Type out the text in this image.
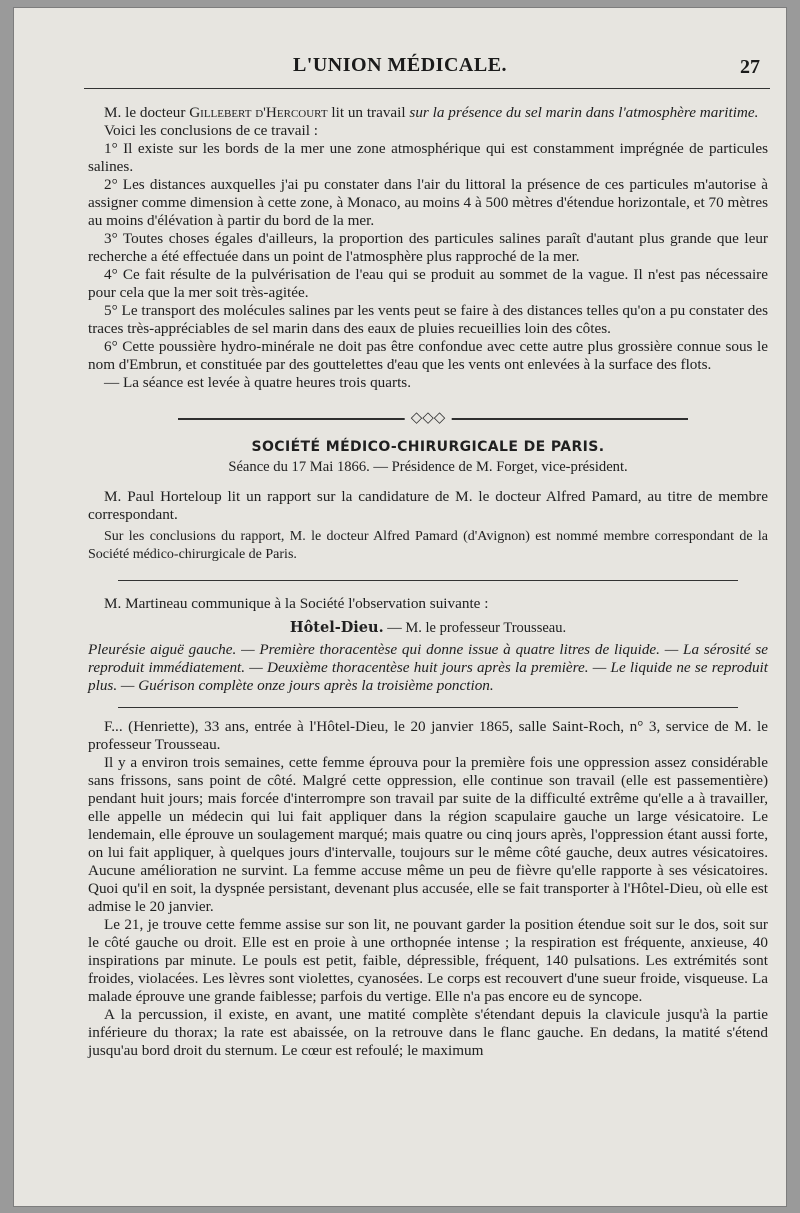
L'UNION MÉDICALE.	27

M. le docteur Gillebert d'Hercourt lit un travail sur la présence du sel marin dans l'atmosphère maritime.

Voici les conclusions de ce travail :

1° Il existe sur les bords de la mer une zone atmosphérique qui est constamment imprégnée de particules salines.

2° Les distances auxquelles j'ai pu constater dans l'air du littoral la présence de ces particules m'autorise à assigner comme dimension à cette zone, à Monaco, au moins 4 à 500 mètres d'étendue horizontale, et 70 mètres au moins d'élévation à partir du bord de la mer.

3° Toutes choses égales d'ailleurs, la proportion des particules salines paraît d'autant plus grande que leur recherche a été effectuée dans un point de l'atmosphère plus rapproché de la mer.

4° Ce fait résulte de la pulvérisation de l'eau qui se produit au sommet de la vague. Il n'est pas nécessaire pour cela que la mer soit très-agitée.

5° Le transport des molécules salines par les vents peut se faire à des distances telles qu'on a pu constater des traces très-appréciables de sel marin dans des eaux de pluies recueillies loin des côtes.

6° Cette poussière hydro-minérale ne doit pas être confondue avec cette autre plus grossière connue sous le nom d'Embrun, et constituée par des gouttelettes d'eau que les vents ont enlevées à la surface des flots.

— La séance est levée à quatre heures trois quarts.

◇◇◇
SOCIÉTÉ MÉDICO-CHIRURGICALE DE PARIS.
Séance du 17 Mai 1866. — Présidence de M. Forget, vice-président.

M. Paul Horteloup lit un rapport sur la candidature de M. le docteur Alfred Pamard, au titre de membre correspondant.

Sur les conclusions du rapport, M. le docteur Alfred Pamard (d'Avignon) est nommé membre correspondant de la Société médico-chirurgicale de Paris.

M. Martineau communique à la Société l'observation suivante :

Hôtel-Dieu. — M. le professeur Trousseau.

Pleurésie aiguë gauche. — Première thoracentèse qui donne issue à quatre litres de liquide. — La sérosité se reproduit immédiatement. — Deuxième thoracentèse huit jours après la première. — Le liquide ne se reproduit plus. — Guérison complète onze jours après la troisième ponction.

F... (Henriette), 33 ans, entrée à l'Hôtel-Dieu, le 20 janvier 1865, salle Saint-Roch, n° 3, service de M. le professeur Trousseau.

Il y a environ trois semaines, cette femme éprouva pour la première fois une oppression assez considérable sans frissons, sans point de côté. Malgré cette oppression, elle continue son travail (elle est passementière) pendant huit jours; mais forcée d'interrompre son travail par suite de la difficulté extrême qu'elle a à travailler, elle appelle un médecin qui lui fait appliquer dans la région scapulaire gauche un large vésicatoire. Le lendemain, elle éprouve un soulagement marqué; mais quatre ou cinq jours après, l'oppression étant aussi forte, on lui fait appliquer, à quelques jours d'intervalle, toujours sur le même côté gauche, deux autres vésicatoires. Aucune amélioration ne survint. La femme accuse même un peu de fièvre qu'elle rapporte à ses vésicatoires. Quoi qu'il en soit, la dyspnée persistant, devenant plus accusée, elle se fait transporter à l'Hôtel-Dieu, où elle est admise le 20 janvier.

Le 21, je trouve cette femme assise sur son lit, ne pouvant garder la position étendue soit sur le dos, soit sur le côté gauche ou droit. Elle est en proie à une orthopnée intense ; la respiration est fréquente, anxieuse, 40 inspirations par minute. Le pouls est petit, faible, dépressible, fréquent, 140 pulsations. Les extrémités sont froides, violacées. Les lèvres sont violettes, cyanosées. Le corps est recouvert d'une sueur froide, visqueuse. La malade éprouve une grande faiblesse; parfois du vertige. Elle n'a pas encore eu de syncope.

A la percussion, il existe, en avant, une matité complète s'étendant depuis la clavicule jusqu'à la partie inférieure du thorax; la rate est abaissée, on la retrouve dans le flanc gauche. En dedans, la matité s'étend jusqu'au bord droit du sternum. Le cœur est refoulé; le maximum
